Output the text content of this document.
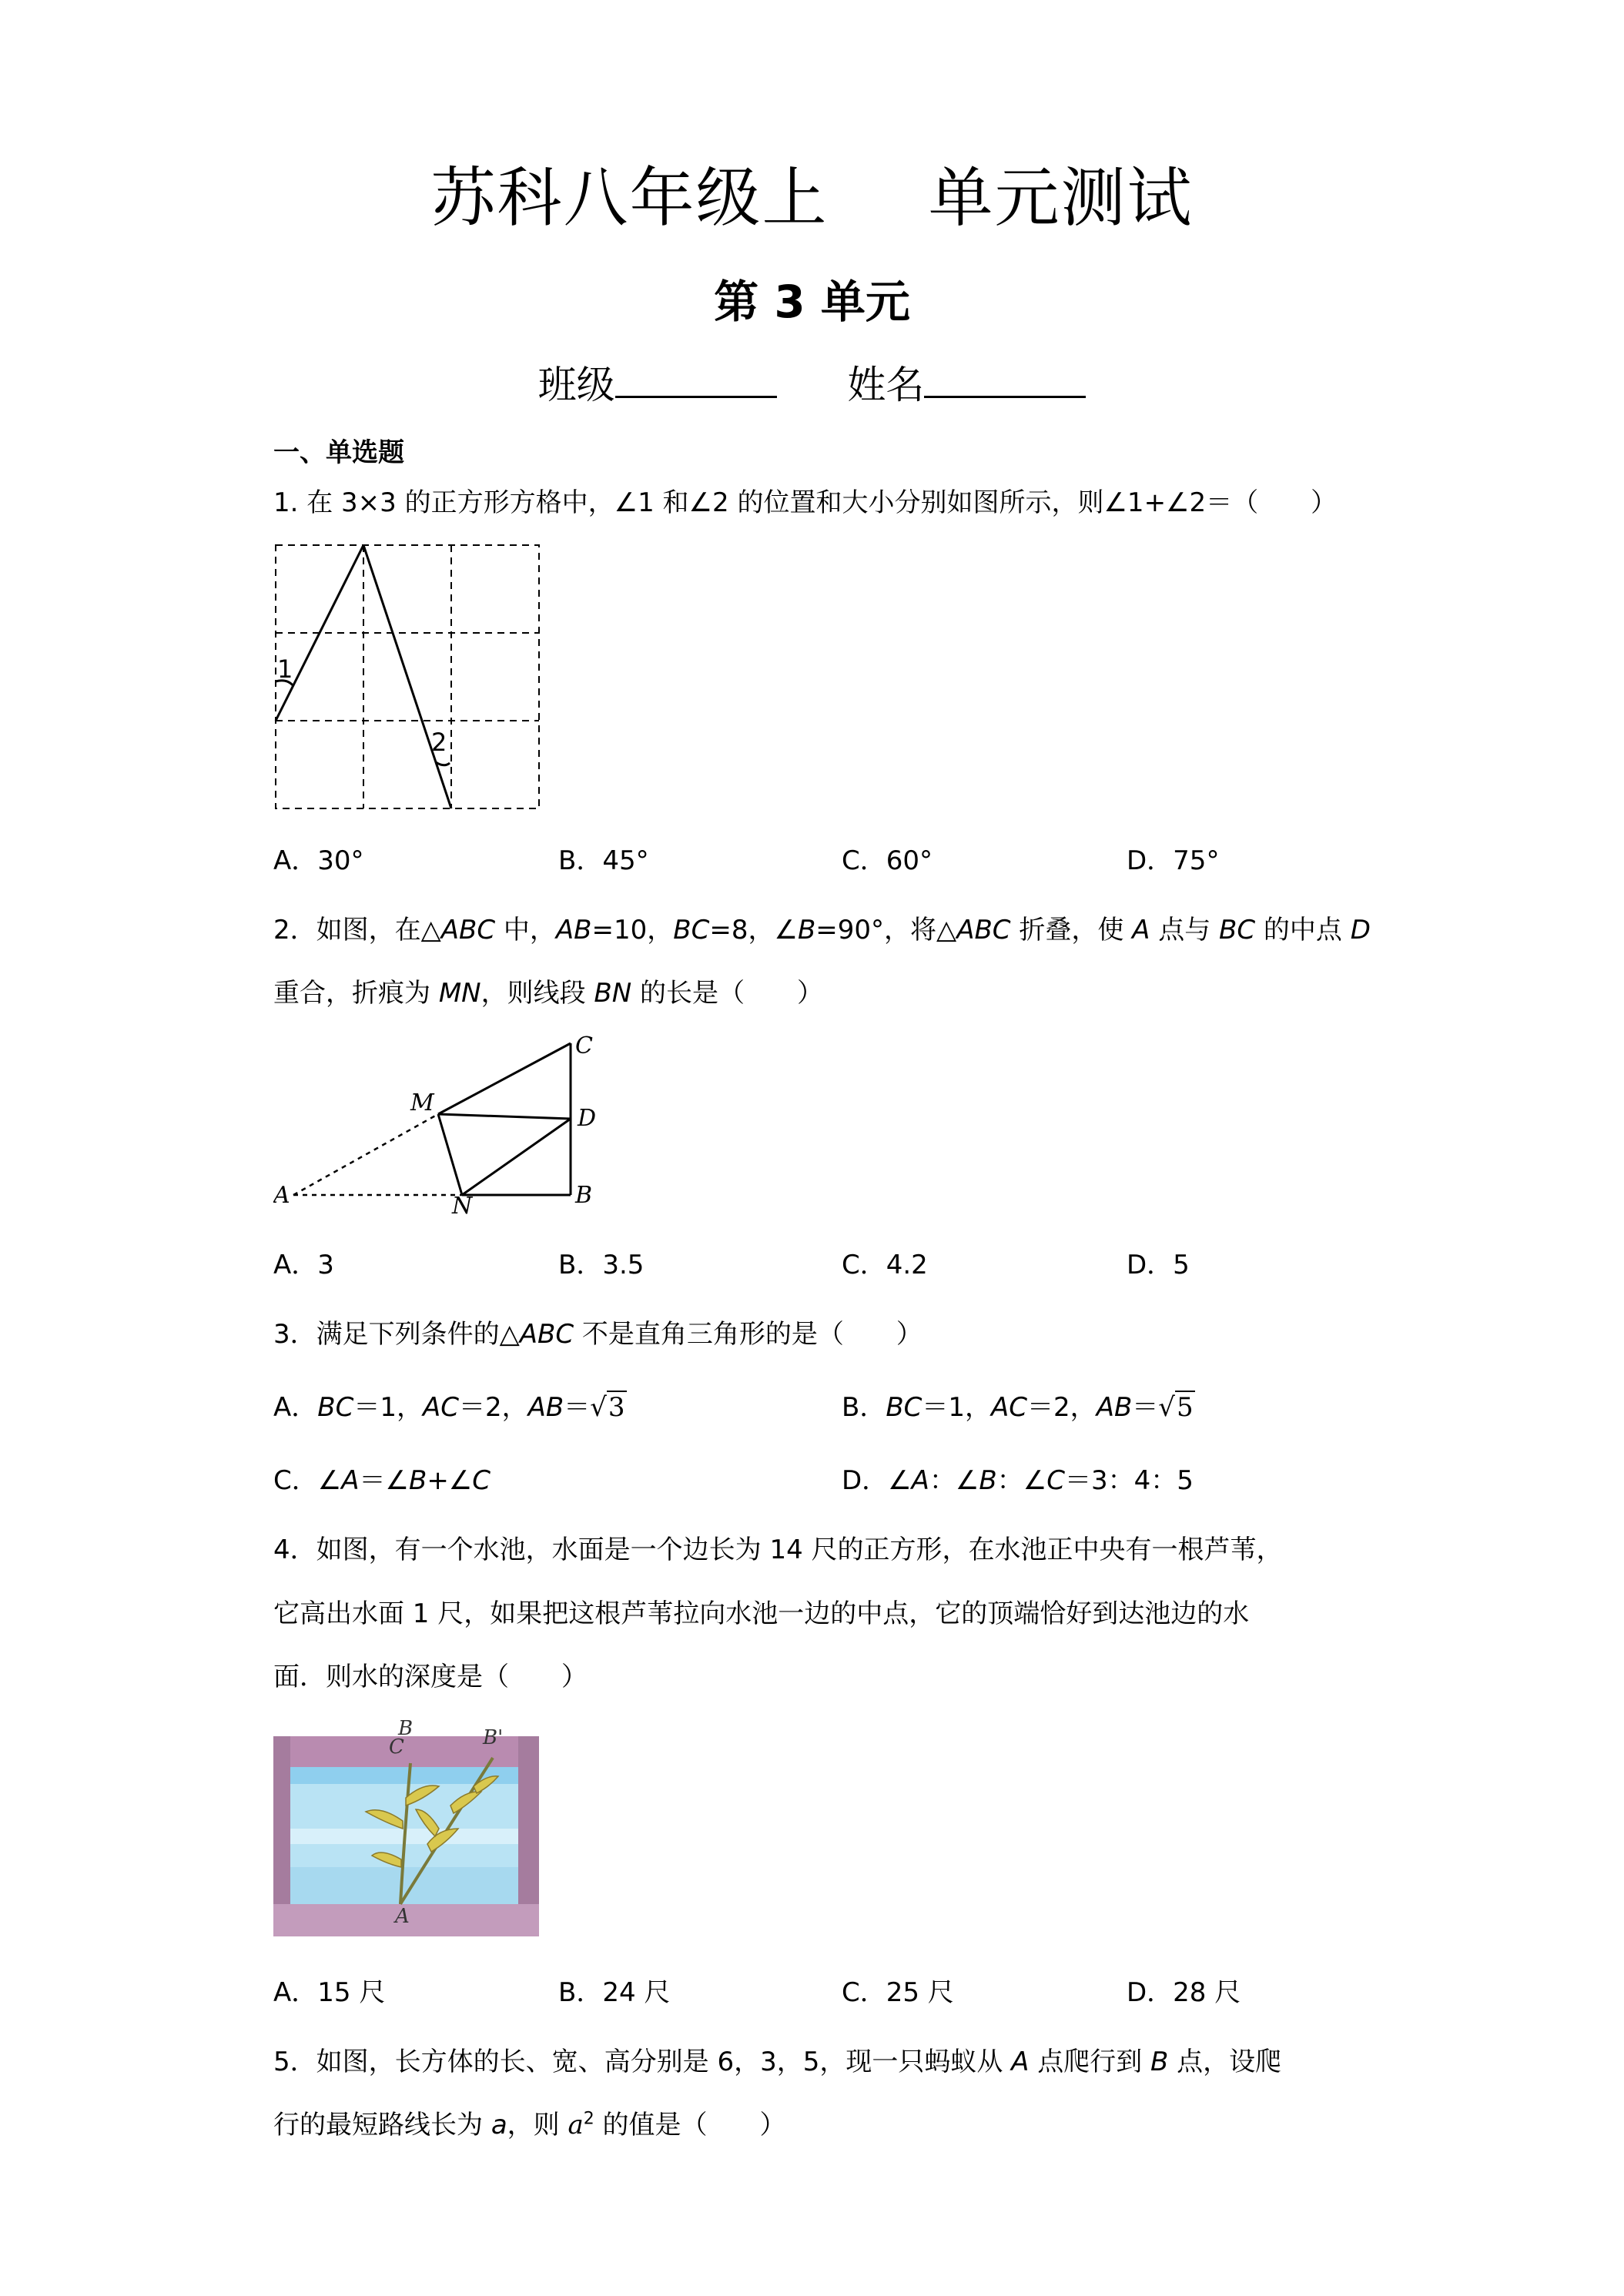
苏科八年级上 单元测试
第 3 单元
班级	姓名
一、单选题
1. 在 3×3 的正方形方格中，∠1 和∠2 的位置和大小分别如图所示，则∠1+∠2＝（　　）
1
2
A．30°	B．45°	C．60°	D．75°
2．如图，在△ABC 中，AB=10，BC=8，∠B=90°，将△ABC 折叠，使 A 点与 BC 的中点 D
重合，折痕为 MN，则线段 BN 的长是（　　）
A	B
C
D
M
N
A．3	B．3.5	C．4.2	D．5
3．满足下列条件的△ABC 不是直角三角形的是（　　）
A．BC＝1，AC＝2，AB＝√3	B．BC＝1，AC＝2，AB＝√5
C．∠A＝∠B+∠C	D．∠A：∠B：∠C＝3：4：5
4．如图，有一个水池，水面是一个边长为 14 尺的正方形，在水池正中央有一根芦苇，
它高出水面 1 尺，如果把这根芦苇拉向水池一边的中点，它的顶端恰好到达池边的水
面．则水的深度是（　　）
B
C	B'
A
A．15 尺	B．24 尺	C．25 尺	D．28 尺
5．如图，长方体的长、宽、高分别是 6，3，5，现一只蚂蚁从 A 点爬行到 B 点，设爬
行的最短路线长为 a，则 $a^2$ 的值是（　　）
